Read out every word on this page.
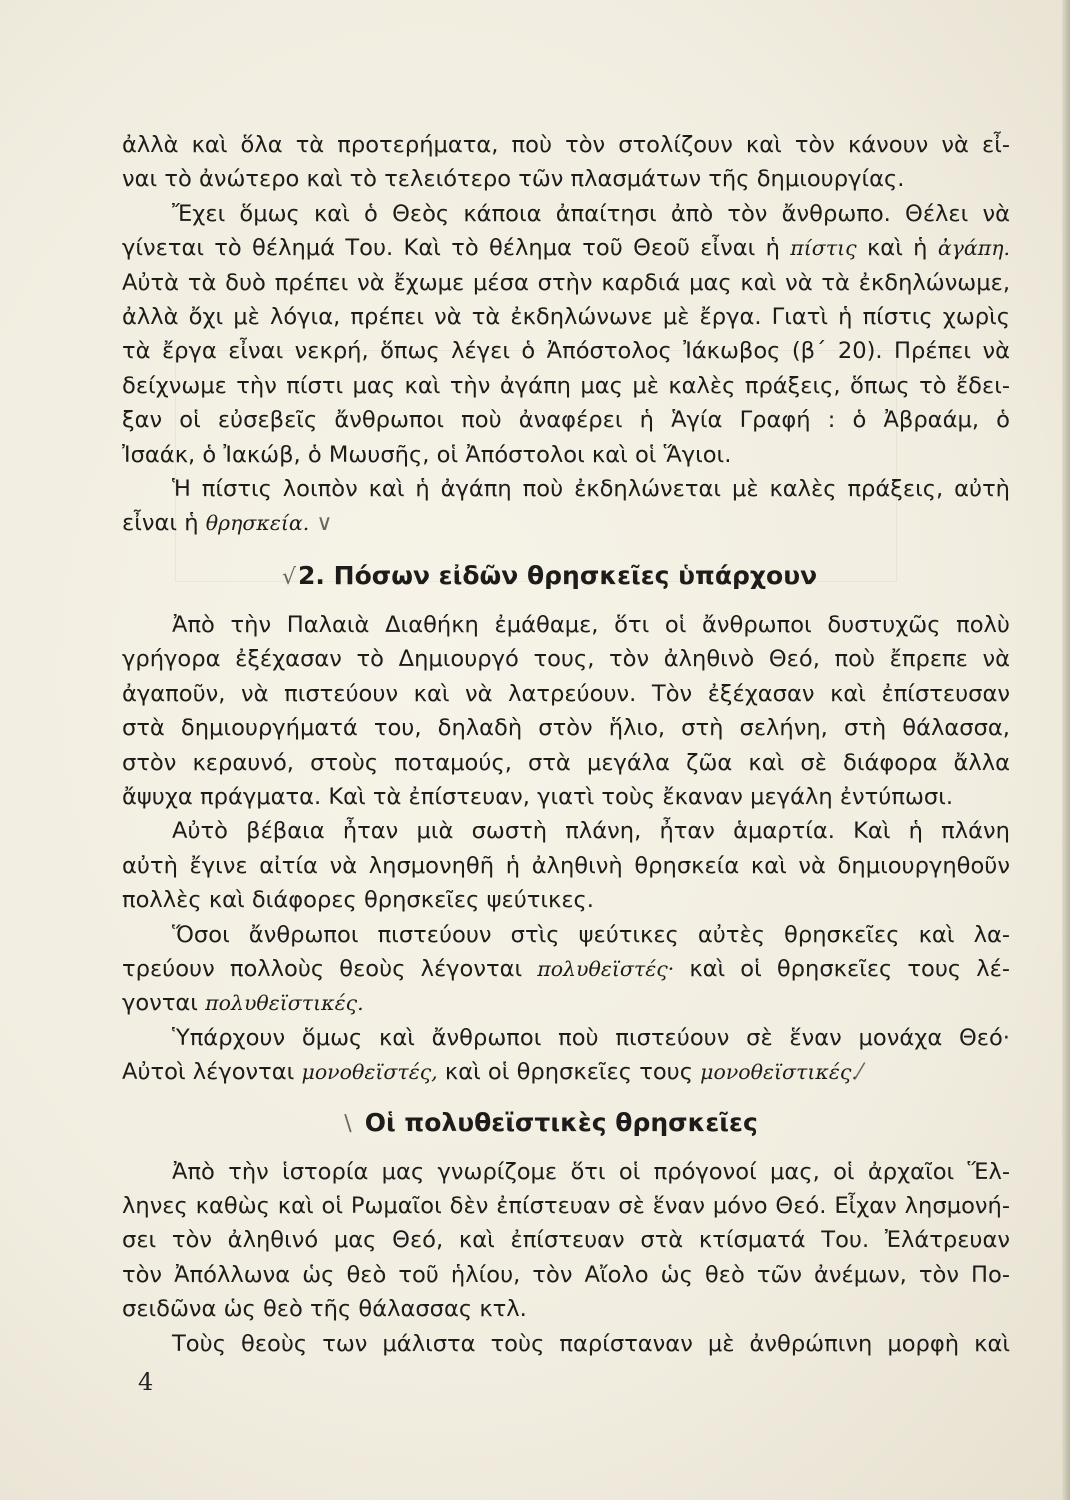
ἀλλὰ καὶ ὅλα τὰ προτερήματα, ποὺ τὸν στολίζουν καὶ τὸν κάνουν νὰ εἶ-
ναι τὸ ἀνώτερο καὶ τὸ τελειότερο τῶν πλασμάτων τῆς δημιουργίας.
Ἔχει ὅμως καὶ ὁ Θεὸς κάποια ἀπαίτησι ἀπὸ τὸν ἄνθρωπο. Θέλει νὰ
γίνεται τὸ θέλημά Του. Καὶ τὸ θέλημα τοῦ Θεοῦ εἶναι ἡ πίστις καὶ ἡ ἀγάπη.
Αὐτὰ τὰ δυὸ πρέπει νὰ ἔχωμε μέσα στὴν καρδιά μας καὶ νὰ τὰ ἐκδηλώνωμε,
ἀλλὰ ὄχι μὲ λόγια, πρέπει νὰ τὰ ἐκδηλώνωνε μὲ ἔργα. Γιατὶ ἡ πίστις χωρὶς
τὰ ἔργα εἶναι νεκρή, ὅπως λέγει ὁ Ἀπόστολος Ἰάκωβος (β΄ 20). Πρέπει νὰ
δείχνωμε τὴν πίστι μας καὶ τὴν ἀγάπη μας μὲ καλὲς πράξεις, ὅπως τὸ ἔδει-
ξαν οἱ εὐσεβεῖς ἄνθρωποι ποὺ ἀναφέρει ἡ Ἁγία Γραφή : ὁ Ἀβραάμ, ὁ
Ἰσαάκ, ὁ Ἰακώβ, ὁ Μωυσῆς, οἱ Ἀπόστολοι καὶ οἱ Ἅγιοι.
Ἡ πίστις λοιπὸν καὶ ἡ ἀγάπη ποὺ ἐκδηλώνεται μὲ καλὲς πράξεις, αὐτὴ
εἶναι ἡ θρησκεία. ∨
√2. Πόσων εἰδῶν θρησκεῖες ὑπάρχουν
Ἀπὸ τὴν Παλαιὰ Διαθήκη ἐμάθαμε, ὅτι οἱ ἄνθρωποι δυστυχῶς πολὺ
γρήγορα ἐξέχασαν τὸ Δημιουργό τους, τὸν ἀληθινὸ Θεό, ποὺ ἔπρεπε νὰ
ἀγαποῦν, νὰ πιστεύουν καὶ νὰ λατρεύουν. Τὸν ἐξέχασαν καὶ ἐπίστευσαν
στὰ δημιουργήματά του, δηλαδὴ στὸν ἥλιο, στὴ σελήνη, στὴ θάλασσα,
στὸν κεραυνό, στοὺς ποταμούς, στὰ μεγάλα ζῶα καὶ σὲ διάφορα ἄλλα
ἄψυχα πράγματα. Καὶ τὰ ἐπίστευαν, γιατὶ τοὺς ἔκαναν μεγάλη ἐντύπωσι.
Αὐτὸ βέβαια ἦταν μιὰ σωστὴ πλάνη, ἦταν ἁμαρτία. Καὶ ἡ πλάνη
αὐτὴ ἔγινε αἰτία νὰ λησμονηθῆ ἡ ἀληθινὴ θρησκεία καὶ νὰ δημιουργηθοῦν
πολλὲς καὶ διάφορες θρησκεῖες ψεύτικες.
Ὅσοι ἄνθρωποι πιστεύουν στὶς ψεύτικες αὐτὲς θρησκεῖες καὶ λα-
τρεύουν πολλοὺς θεοὺς λέγονται πολυθεϊστές· καὶ οἱ θρησκεῖες τους λέ-
γονται πολυθεϊστικές.
Ὑπάρχουν ὅμως καὶ ἄνθρωποι ποὺ πιστεύουν σὲ ἕναν μονάχα Θεό·
Αὐτοὶ λέγονται μονοθεϊστές, καὶ οἱ θρησκεῖες τους μονοθεϊστικές.⁄
∖ Οἱ πολυθεϊστικὲς θρησκεῖες
Ἀπὸ τὴν ἱστορία μας γνωρίζομε ὅτι οἱ πρόγονοί μας, οἱ ἀρχαῖοι Ἕλ-
ληνες καθὼς καὶ οἱ Ρωμαῖοι δὲν ἐπίστευαν σὲ ἕναν μόνο Θεό. Εἶχαν λησμονή-
σει τὸν ἀληθινό μας Θεό, καὶ ἐπίστευαν στὰ κτίσματά Του. Ἐλάτρευαν
τὸν Ἀπόλλωνα ὡς θεὸ τοῦ ἡλίου, τὸν Αἴολο ὡς θεὸ τῶν ἀνέμων, τὸν Πο-
σειδῶνα ὡς θεὸ τῆς θάλασσας κτλ.
Τοὺς θεοὺς των μάλιστα τοὺς παρίσταναν μὲ ἀνθρώπινη μορφὴ καὶ
4
